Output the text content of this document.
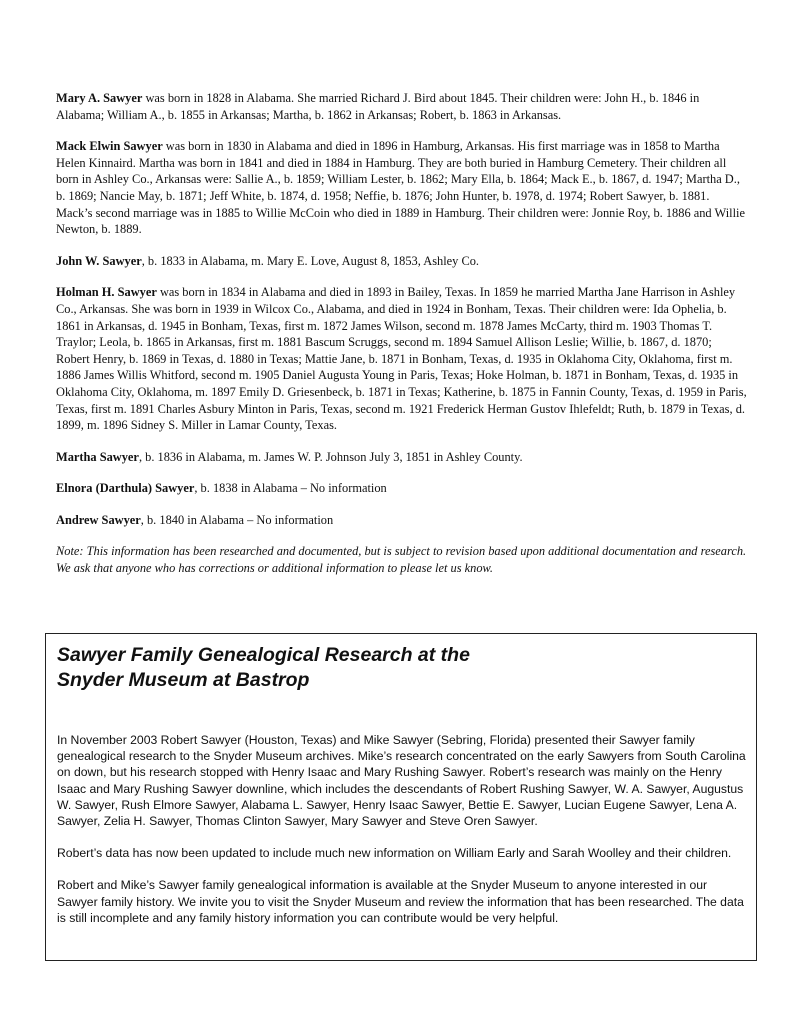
Mary A. Sawyer was born in 1828 in Alabama. She married Richard J. Bird about 1845. Their children were: John H., b. 1846 in Alabama; William A., b. 1855 in Arkansas; Martha, b. 1862 in Arkansas; Robert, b. 1863 in Arkansas.

Mack Elwin Sawyer was born in 1830 in Alabama and died in 1896 in Hamburg, Arkansas. His first marriage was in 1858 to Martha Helen Kinnaird. Martha was born in 1841 and died in 1884 in Hamburg. They are both buried in Hamburg Cemetery. Their children all born in Ashley Co., Arkansas were: Sallie A., b. 1859; William Lester, b. 1862; Mary Ella, b. 1864; Mack E., b. 1867, d. 1947; Martha D., b. 1869; Nancie May, b. 1871; Jeff White, b. 1874, d. 1958; Neffie, b. 1876; John Hunter, b. 1978, d. 1974; Robert Sawyer, b. 1881. Mack’s second marriage was in 1885 to Willie McCoin who died in 1889 in Hamburg. Their children were: Jonnie Roy, b. 1886 and Willie Newton, b. 1889.

John W. Sawyer, b. 1833 in Alabama, m. Mary E. Love, August 8, 1853, Ashley Co.

Holman H. Sawyer was born in 1834 in Alabama and died in 1893 in Bailey, Texas. In 1859 he married Martha Jane Harrison in Ashley Co., Arkansas. She was born in 1939 in Wilcox Co., Alabama, and died in 1924 in Bonham, Texas. Their children were: Ida Ophelia, b. 1861 in Arkansas, d. 1945 in Bonham, Texas, first m. 1872 James Wilson, second m. 1878 James McCarty, third m. 1903 Thomas T. Traylor; Leola, b. 1865 in Arkansas, first m. 1881 Bascum Scruggs, second m. 1894 Samuel Allison Leslie; Willie, b. 1867, d. 1870; Robert Henry, b. 1869 in Texas, d. 1880 in Texas; Mattie Jane, b. 1871 in Bonham, Texas, d. 1935 in Oklahoma City, Oklahoma, first m. 1886 James Willis Whitford, second m. 1905 Daniel Augusta Young in Paris, Texas; Hoke Holman, b. 1871 in Bonham, Texas, d. 1935 in Oklahoma City, Oklahoma, m. 1897 Emily D. Griesenbeck, b. 1871 in Texas; Katherine, b. 1875 in Fannin County, Texas, d. 1959 in Paris, Texas, first m. 1891 Charles Asbury Minton in Paris, Texas, second m. 1921 Frederick Herman Gustov Ihlefeldt; Ruth, b. 1879 in Texas, d. 1899, m. 1896 Sidney S. Miller in Lamar County, Texas.

Martha Sawyer, b. 1836 in Alabama, m. James W. P. Johnson July 3, 1851 in Ashley County.

Elnora (Darthula) Sawyer, b. 1838 in Alabama – No information

Andrew Sawyer, b. 1840 in Alabama – No information

Note: This information has been researched and documented, but is subject to revision based upon additional documentation and research. We ask that anyone who has corrections or additional information to please let us know.

Sawyer Family Genealogical Research at the
Snyder Museum at Bastrop

In November 2003 Robert Sawyer (Houston, Texas) and Mike Sawyer (Sebring, Florida) presented their Sawyer family genealogical research to the Snyder Museum archives. Mike’s research concentrated on the early Sawyers from South Carolina on down, but his research stopped with Henry Isaac and Mary Rushing Sawyer. Robert’s research was mainly on the Henry Isaac and Mary Rushing Sawyer downline, which includes the descendants of Robert Rushing Sawyer, W. A. Sawyer, Augustus W. Sawyer, Rush Elmore Sawyer, Alabama L. Sawyer, Henry Isaac Sawyer, Bettie E. Sawyer, Lucian Eugene Sawyer, Lena A. Sawyer, Zelia H. Sawyer, Thomas Clinton Sawyer, Mary Sawyer and Steve Oren Sawyer.

Robert’s data has now been updated to include much new information on William Early and Sarah Woolley and their children.

Robert and Mike’s Sawyer family genealogical information is available at the Snyder Museum to anyone interested in our Sawyer family history. We invite you to visit the Snyder Museum and review the information that has been researched. The data is still incomplete and any family history information you can contribute would be very helpful.
